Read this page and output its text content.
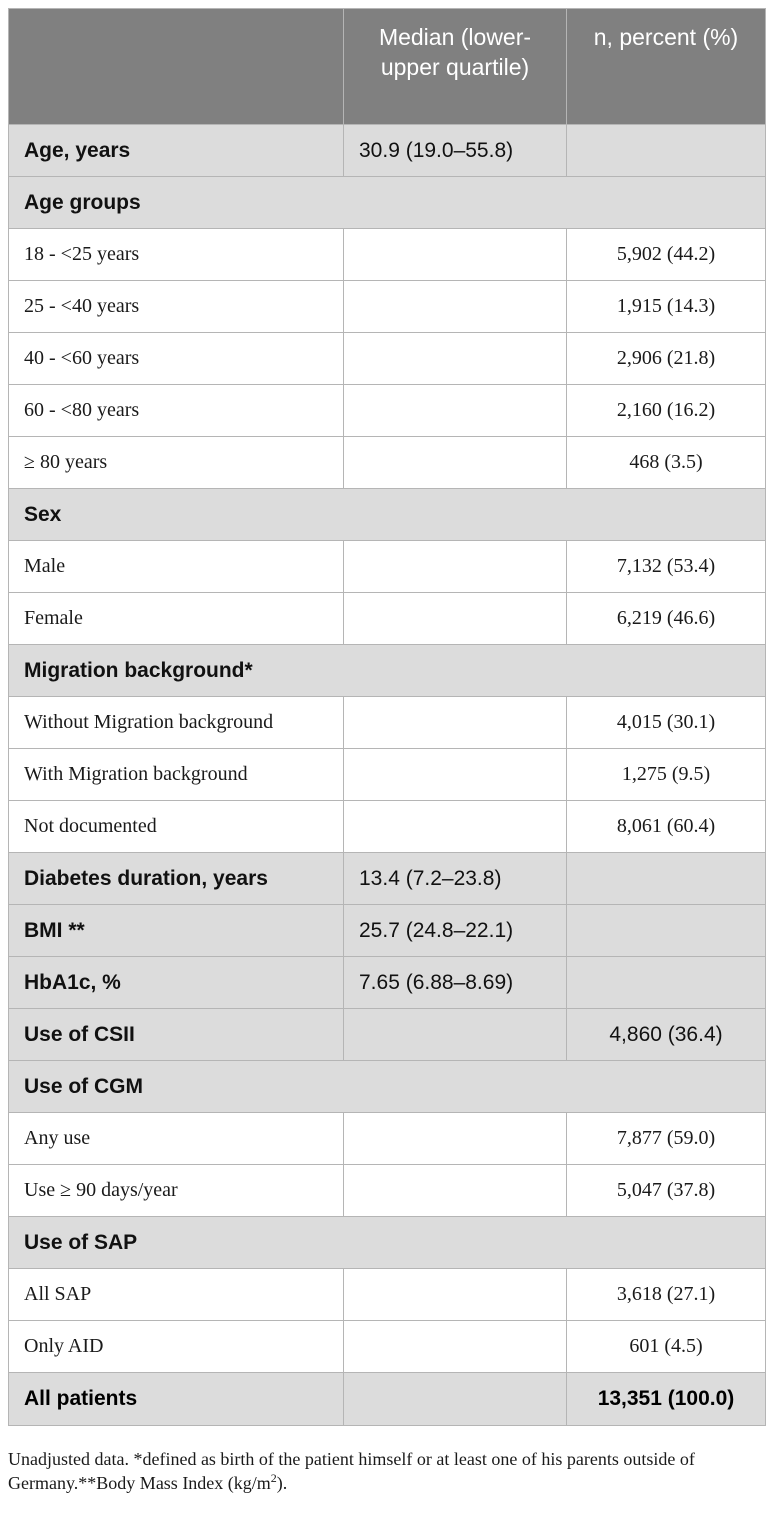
	Median (lower-upper quartile)	n, percent (%)
Age, years	30.9 (19.0–55.8)	
Age groups		
18 - <25 years		5,902 (44.2)
25 - <40 years		1,915 (14.3)
40 - <60 years		2,906 (21.8)
60 - <80 years		2,160 (16.2)
≥ 80 years		468 (3.5)
Sex		
Male		7,132 (53.4)
Female		6,219 (46.6)
Migration background*		
Without Migration background		4,015 (30.1)
With Migration background		1,275 (9.5)
Not documented		8,061 (60.4)
Diabetes duration, years	13.4 (7.2–23.8)	
BMI **	25.7 (24.8–22.1)	
HbA1c, %	7.65 (6.88–8.69)	
Use of CSII		4,860 (36.4)
Use of CGM		
Any use		7,877 (59.0)
Use ≥ 90 days/year		5,047 (37.8)
Use of SAP		
All SAP		3,618 (27.1)
Only AID		601 (4.5)
All patients		13,351 (100.0)
Unadjusted data. *defined as birth of the patient himself or at least one of his parents outside of Germany.**Body Mass Index $(kg/m^2)$.
